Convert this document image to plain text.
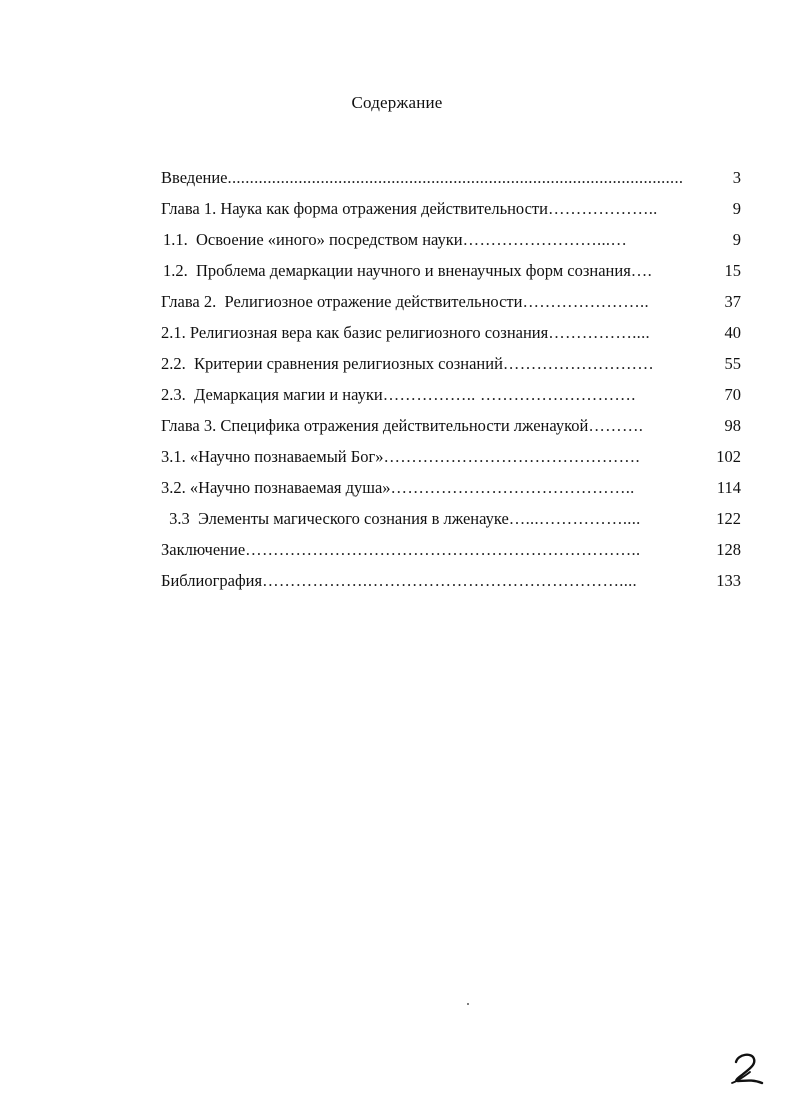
Содержание
Введение.......................................................................................................	3
Глава 1. Наука как форма отражения действительности………………..	9
1.1.  Освоение «иного» посредством науки……………………...…	9
1.2.  Проблема демаркации научного и вненаучных форм сознания….	15
Глава 2.  Религиозное отражение действительности…………………..	37
2.1. Религиозная вера как базис религиозного сознания……………....	40
2.2.  Критерии сравнения религиозных сознаний………………………	55
2.3.  Демаркация магии и науки…………….. ……………………….	70
Глава 3. Специфика отражения действительности лженаукой……….	98
3.1. «Научно познаваемый Бог»……………………………………….	102
3.2. «Научно познаваемая душа»……………………………………..	114
3.3  Элементы магического сознания в лженауке…...……………....	122
Заключение……………………………………………………………..	128
Библиография……………….………………………………………....	133
